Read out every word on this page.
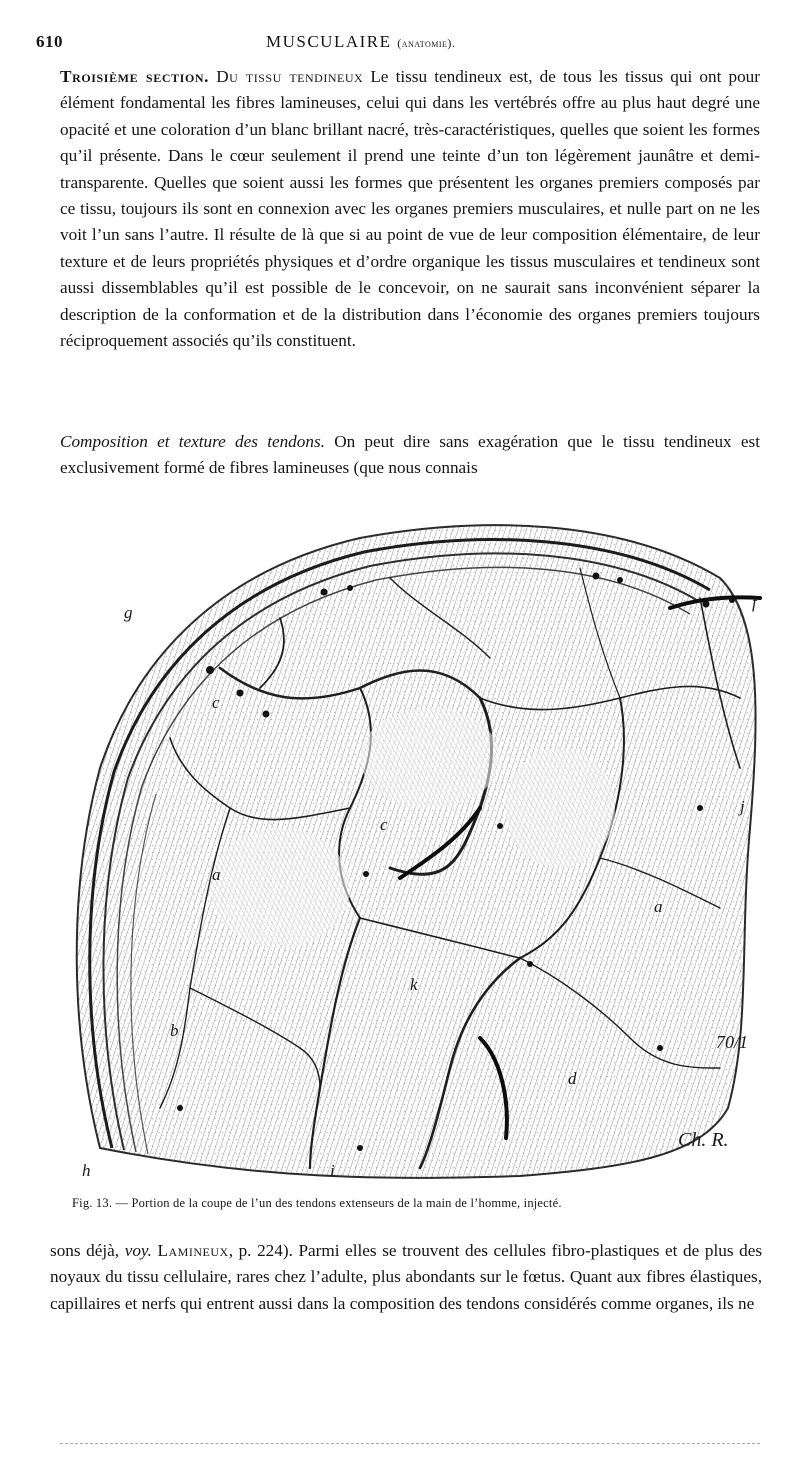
610	MUSCULAIRE (anatomie).

Troisième section. Du tissu tendineux Le tissu tendineux est, de tous les tissus qui ont pour élément fondamental les fibres lamineuses, celui qui dans les vertébrés offre au plus haut degré une opacité et une coloration d’un blanc brillant nacré, très-caractéristiques, quelles que soient les formes qu’il présente. Dans le cœur seulement il prend une teinte d’un ton légèrement jaunâtre et demi-transparente. Quelles que soient aussi les formes que présentent les organes premiers composés par ce tissu, toujours ils sont en connexion avec les organes premiers musculaires, et nulle part on ne les voit l’un sans l’autre. Il résulte de là que si au point de vue de leur composition élémentaire, de leur texture et de leurs propriétés physiques et d’ordre organique les tissus musculaires et tendineux sont aussi dissemblables qu’il est possible de le concevoir, on ne saurait sans inconvénient séparer la description de la conformation et de la distribution dans l’économie des organes premiers toujours réciproquement associés qu’ils constituent.

Composition et texture des tendons. On peut dire sans exagération que le tissu tendineux est exclusivement formé de fibres lamineuses (que nous connais

g
f
c
j
a
c
a
k
b
d
h	i
70/1
Ch. R.
Fig. 13. — Portion de la coupe de l’un des tendons extenseurs de la main de l’homme, injecté.

sons déjà, voy. Lamineux, p. 224). Parmi elles se trouvent des cellules fibro-plastiques et de plus des noyaux du tissu cellulaire, rares chez l’adulte, plus abondants sur le fœtus. Quant aux fibres élastiques, capillaires et nerfs qui entrent aussi dans la composition des tendons considérés comme organes, ils ne
